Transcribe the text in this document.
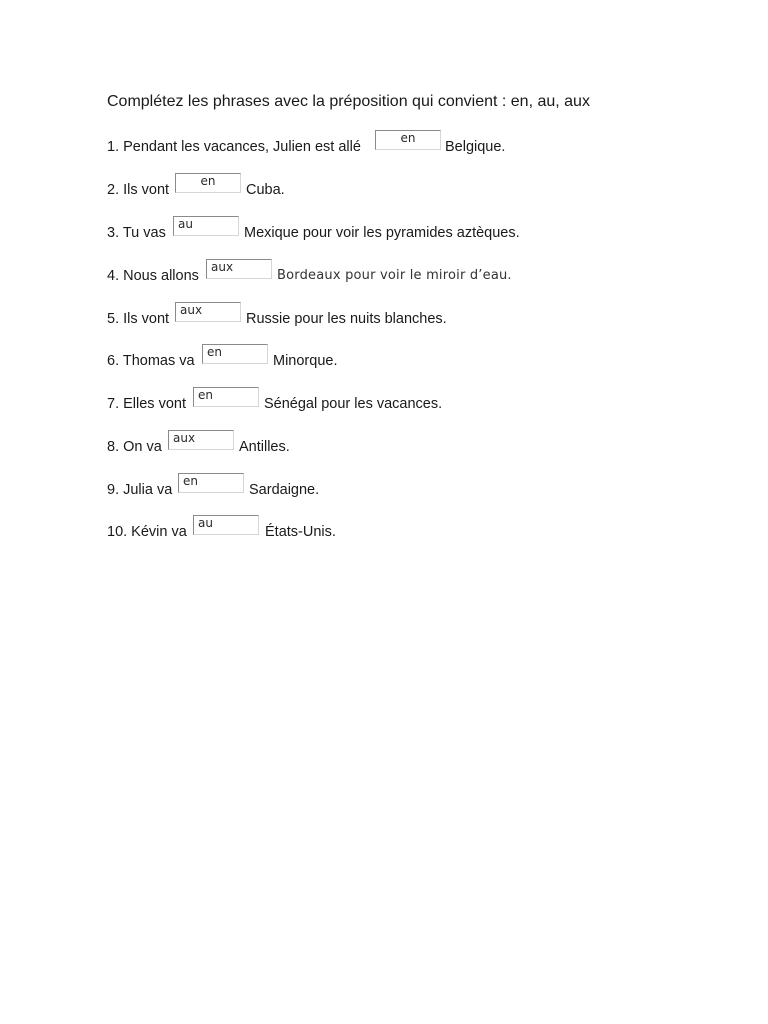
Complétez les phrases avec la préposition qui convient : en, au, aux
1. Pendant les vacances, Julien est allé
en
Belgique.
2. Ils vont
en
Cuba.
3. Tu vas
au
Mexique pour voir les pyramides aztèques.
4. Nous allons
aux
Bordeaux pour voir le miroir d’eau.
5. Ils vont
aux
Russie pour les nuits blanches.
6. Thomas va
en
Minorque.
7. Elles vont
en
Sénégal pour les vacances.
8. On va
aux
Antilles.
9. Julia va
en
Sardaigne.
10. Kévin va
au
États-Unis.
